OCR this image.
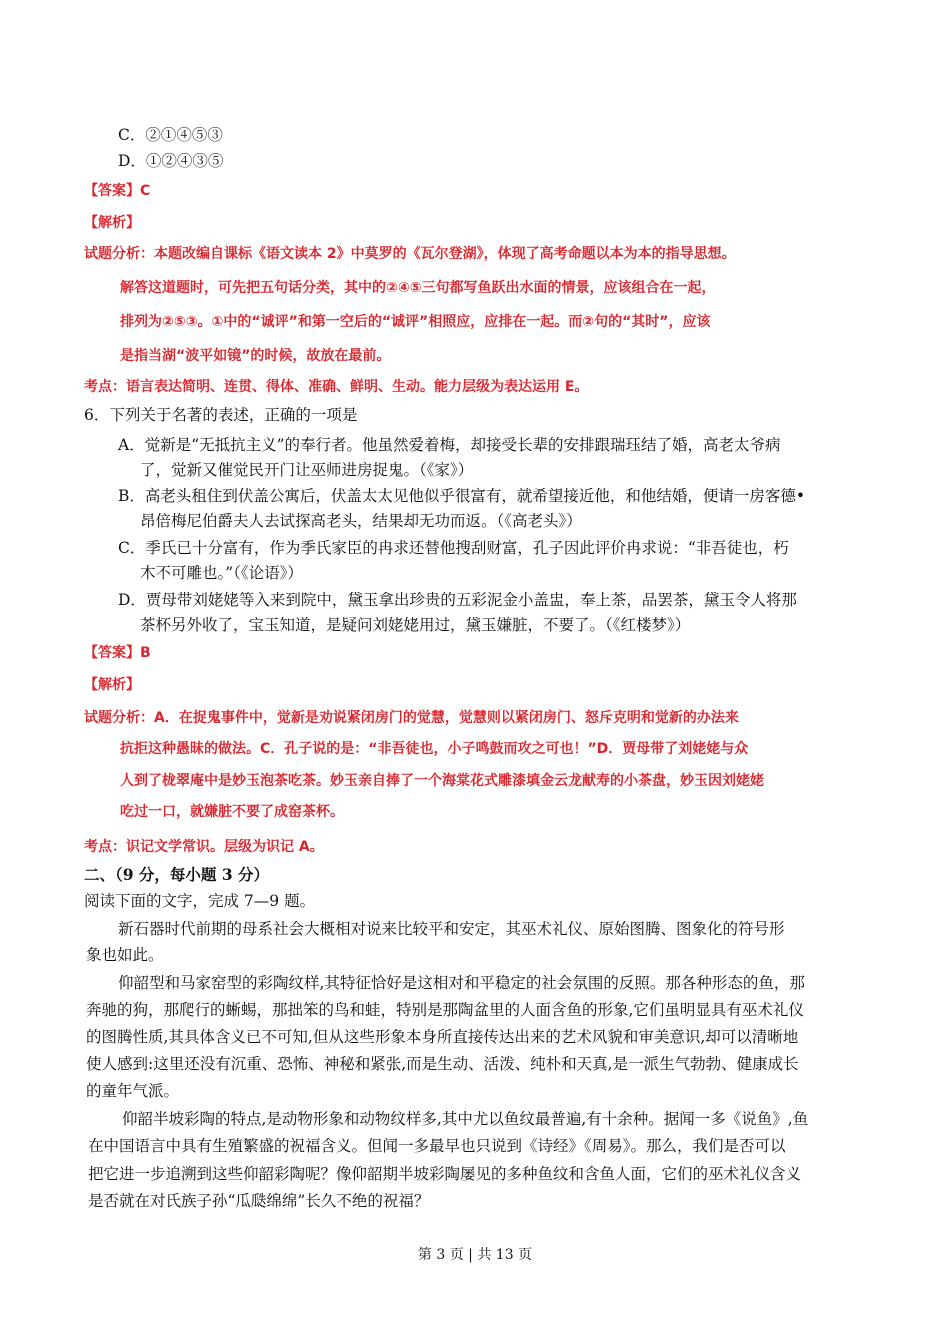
C．②①④⑤③
D．①②④③⑤
【答案】C
【解析】
试题分析：本题改编自课标《语文读本 2》中莫罗的《瓦尔登湖》，体现了高考命题以本为本的指导思想。
解答这道题时，可先把五句话分类，其中的②④⑤三句都写鱼跃出水面的情景，应该组合在一起，
排列为②⑤③。①中的“诚评”和第一空后的“诚评”相照应，应排在一起。而②句的“其时”，应该
是指当湖“波平如镜”的时候，故放在最前。
考点：语言表达简明、连贯、得体、准确、鲜明、生动。能力层级为表达运用 E。
6．下列关于名著的表述，正确的一项是
A．觉新是“无抵抗主义”的奉行者。他虽然爱着梅，却接受长辈的安排跟瑞珏结了婚，高老太爷病
了，觉新又催觉民开门让巫师进房捉鬼。（《家》）
B．高老头租住到伏盖公寓后，伏盖太太见他似乎很富有，就希望接近他，和他结婚，便请一房客德•
昂倍梅尼伯爵夫人去试探高老头，结果却无功而返。（《高老头》）
C．季氏已十分富有，作为季氏家臣的冉求还替他搜刮财富，孔子因此评价冉求说：“非吾徒也，朽
木不可雕也。”（《论语》）
D．贾母带刘姥姥等入来到院中，黛玉拿出珍贵的五彩泥金小盖盅，奉上茶，品罢茶，黛玉令人将那
茶杯另外收了，宝玉知道，是疑问刘姥姥用过，黛玉嫌脏，不要了。（《红楼梦》）
【答案】B
【解析】
试题分析：A．在捉鬼事件中，觉新是劝说紧闭房门的觉慧，觉慧则以紧闭房门、怒斥克明和觉新的办法来
抗拒这种愚昧的做法。C．孔子说的是：“非吾徒也，小子鸣鼓而攻之可也！”D．贾母带了刘姥姥与众
人到了栊翠庵中是妙玉泡茶吃茶。妙玉亲自捧了一个海棠花式雕漆填金云龙献寿的小茶盘，妙玉因刘姥姥
吃过一口，就嫌脏不要了成窑茶杯。
考点：识记文学常识。层级为识记 A。
二、（9 分，每小题 3 分）
阅读下面的文字，完成 7—9 题。
新石器时代前期的母系社会大概相对说来比较平和安定，其巫术礼仪、原始图腾、图象化的符号形
象也如此。
仰韶型和马家窑型的彩陶纹样,其特征恰好是这相对和平稳定的社会氛围的反照。那各种形态的鱼，那
奔驰的狗，那爬行的蜥蜴，那拙笨的鸟和蛙，特别是那陶盆里的人面含鱼的形象,它们虽明显具有巫术礼仪
的图腾性质,其具体含义已不可知,但从这些形象本身所直接传达出来的艺术风貌和审美意识,却可以清晰地
使人感到:这里还没有沉重、恐怖、神秘和紧张,而是生动、活泼、纯朴和天真,是一派生气勃勃、健康成长
的童年气派。
仰韶半坡彩陶的特点,是动物形象和动物纹样多,其中尤以鱼纹最普遍,有十余种。据闻一多《说鱼》,鱼
在中国语言中具有生殖繁盛的祝福含义。但闻一多最早也只说到《诗经》《周易》。那么，我们是否可以
把它进一步追溯到这些仰韶彩陶呢？像仰韶期半坡彩陶屡见的多种鱼纹和含鱼人面，它们的巫术礼仪含义
是否就在对氏族子孙“瓜瓞绵绵”长久不绝的祝福？
第 3 页 | 共 13 页
